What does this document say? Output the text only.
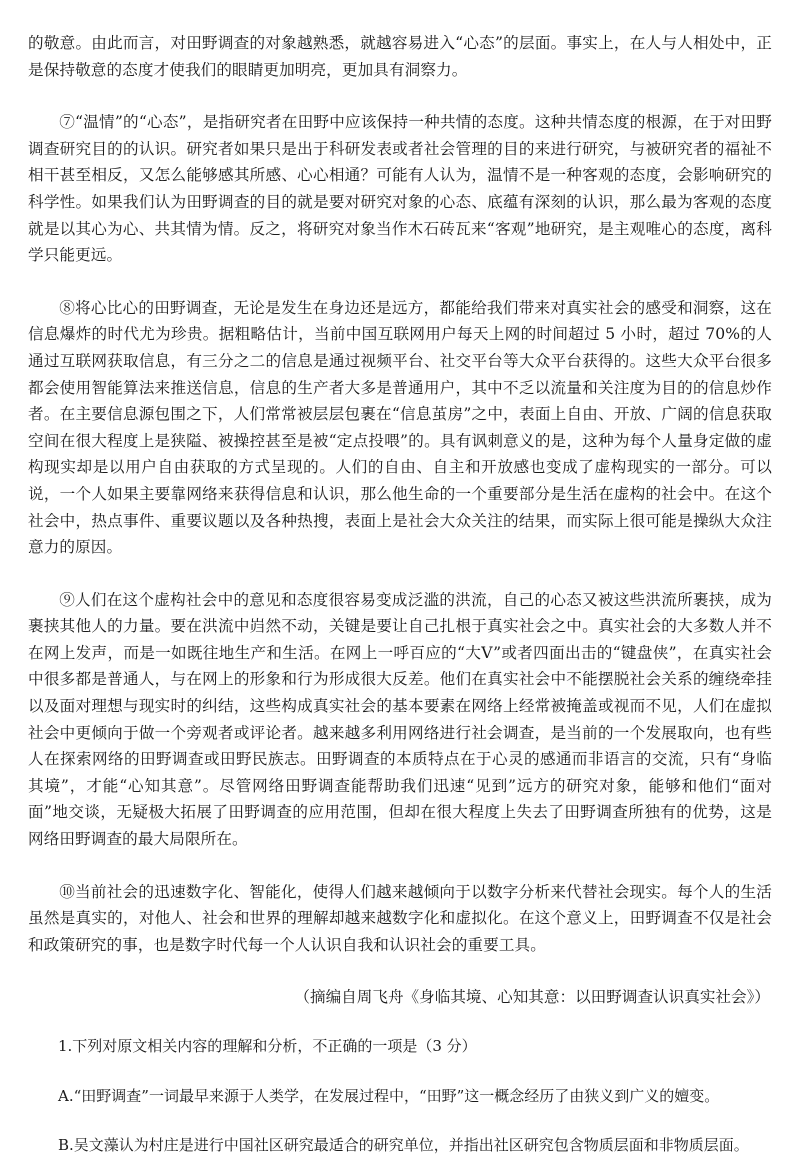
的敬意。由此而言，对田野调查的对象越熟悉，就越容易进入“心态”的层面。事实上，在人与人相处中，正是保持敬意的态度才使我们的眼睛更加明亮，更加具有洞察力。

⑦“温情”的“心态”，是指研究者在田野中应该保持一种共情的态度。这种共情态度的根源，在于对田野调查研究目的的认识。研究者如果只是出于科研发表或者社会管理的目的来进行研究，与被研究者的福祉不相干甚至相反，又怎么能够感其所感、心心相通？可能有人认为，温情不是一种客观的态度，会影响研究的科学性。如果我们认为田野调查的目的就是要对研究对象的心态、底蕴有深刻的认识，那么最为客观的态度就是以其心为心、共其情为情。反之，将研究对象当作木石砖瓦来“客观”地研究，是主观唯心的态度，离科学只能更远。

⑧将心比心的田野调查，无论是发生在身边还是远方，都能给我们带来对真实社会的感受和洞察，这在信息爆炸的时代尤为珍贵。据粗略估计，当前中国互联网用户每天上网的时间超过 5 小时，超过 70%的人通过互联网获取信息，有三分之二的信息是通过视频平台、社交平台等大众平台获得的。这些大众平台很多都会使用智能算法来推送信息，信息的生产者大多是普通用户，其中不乏以流量和关注度为目的的信息炒作者。在主要信息源包围之下，人们常常被层层包裹在“信息茧房”之中，表面上自由、开放、广阔的信息获取空间在很大程度上是狭隘、被操控甚至是被“定点投喂”的。具有讽刺意义的是，这种为每个人量身定做的虚构现实却是以用户自由获取的方式呈现的。人们的自由、自主和开放感也变成了虚构现实的一部分。可以说，一个人如果主要靠网络来获得信息和认识，那么他生命的一个重要部分是生活在虚构的社会中。在这个社会中，热点事件、重要议题以及各种热搜，表面上是社会大众关注的结果，而实际上很可能是操纵大众注意力的原因。

⑨人们在这个虚构社会中的意见和态度很容易变成泛滥的洪流，自己的心态又被这些洪流所裹挟，成为裹挟其他人的力量。要在洪流中岿然不动，关键是要让自己扎根于真实社会之中。真实社会的大多数人并不在网上发声，而是一如既往地生产和生活。在网上一呼百应的“大V”或者四面出击的“键盘侠”，在真实社会中很多都是普通人，与在网上的形象和行为形成很大反差。他们在真实社会中不能摆脱社会关系的缠绕牵挂以及面对理想与现实时的纠结，这些构成真实社会的基本要素在网络上经常被掩盖或视而不见，人们在虚拟社会中更倾向于做一个旁观者或评论者。越来越多利用网络进行社会调查，是当前的一个发展取向，也有些人在探索网络的田野调查或田野民族志。田野调查的本质特点在于心灵的感通而非语言的交流，只有“身临其境”，才能“心知其意”。尽管网络田野调查能帮助我们迅速“见到”远方的研究对象，能够和他们“面对面”地交谈，无疑极大拓展了田野调查的应用范围，但却在很大程度上失去了田野调查所独有的优势，这是网络田野调查的最大局限所在。

⑩当前社会的迅速数字化、智能化，使得人们越来越倾向于以数字分析来代替社会现实。每个人的生活虽然是真实的，对他人、社会和世界的理解却越来越数字化和虚拟化。在这个意义上，田野调查不仅是社会和政策研究的事，也是数字时代每一个人认识自我和认识社会的重要工具。

（摘编自周飞舟《身临其境、心知其意：以田野调查认识真实社会》）

1.下列对原文相关内容的理解和分析，不正确的一项是（3 分）

A.“田野调查”一词最早来源于人类学，在发展过程中，“田野”这一概念经历了由狭义到广义的嬗变。

B.吴文藻认为村庄是进行中国社区研究最适合的研究单位，并指出社区研究包含物质层面和非物质层面。
